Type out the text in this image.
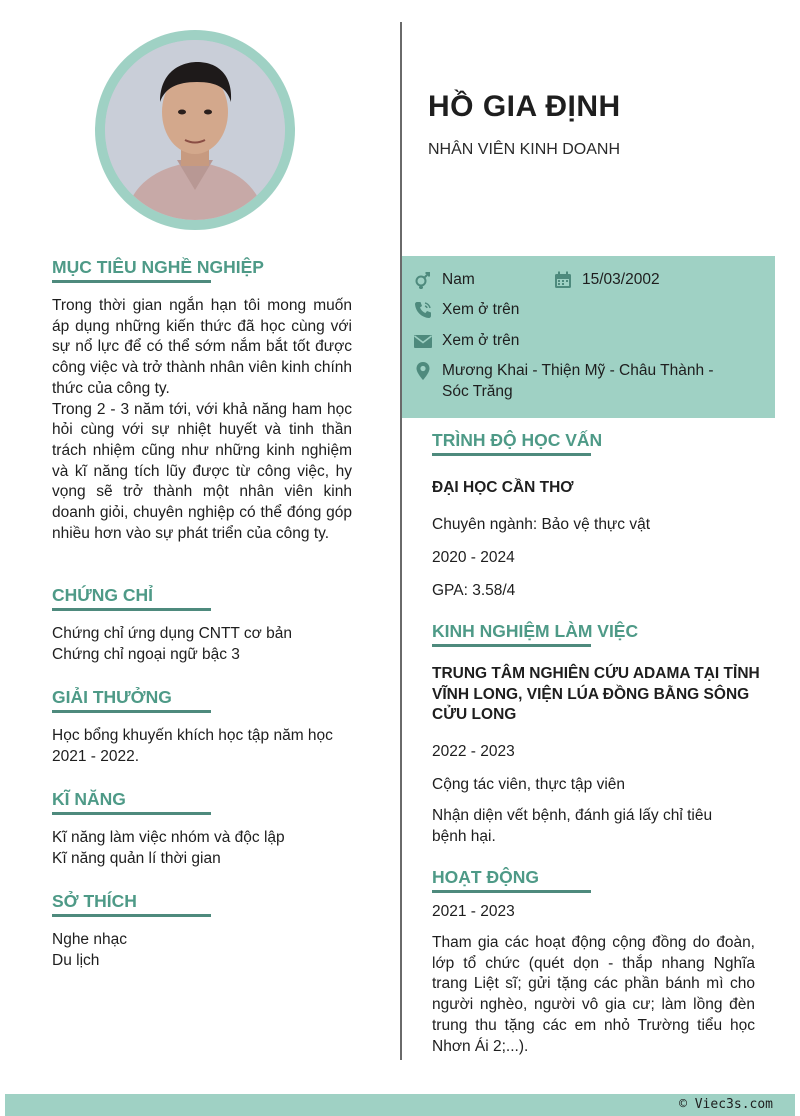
MỤC TIÊU NGHỀ NGHIỆP
Trong thời gian ngắn hạn tôi mong muốn áp dụng những kiến thức đã học cùng với sự nổ lực để có thể sớm nắm bắt tốt được công việc và trở thành nhân viên kinh chính thức của công ty.
Trong 2 - 3 năm tới, với khả năng ham học hỏi cùng với sự nhiệt huyết và tinh thần trách nhiệm cũng như những kinh nghiệm và kĩ năng tích lũy được từ công việc, hy vọng sẽ trở thành một nhân viên kinh doanh giỏi, chuyên nghiệp có thể đóng góp nhiều hơn vào sự phát triển của công ty.
CHỨNG CHỈ
Chứng chỉ ứng dụng CNTT cơ bản
Chứng chỉ ngoại ngữ bậc 3
GIẢI THƯỞNG
Học bổng khuyến khích học tập năm học
2021 - 2022.
KĨ NĂNG
Kĩ năng làm việc nhóm và độc lập
Kĩ năng quản lí thời gian
SỞ THÍCH
Nghe nhạc
Du lịch
HỒ GIA ĐỊNH
NHÂN VIÊN KINH DOANH
Nam	15/03/2002
Xem ở trên
Xem ở trên
Mương Khai - Thiện Mỹ - Châu Thành -
Sóc Trăng
TRÌNH ĐỘ HỌC VẤN
ĐẠI HỌC CẦN THƠ
Chuyên ngành: Bảo vệ thực vật
2020 - 2024
GPA: 3.58/4
KINH NGHIỆM LÀM VIỆC
TRUNG TÂM NGHIÊN CỨU ADAMA TẠI TỈNH
VĨNH LONG, VIỆN LÚA ĐỒNG BẰNG SÔNG
CỬU LONG
2022 - 2023
Cộng tác viên, thực tập viên
Nhận diện vết bệnh, đánh giá lấy chỉ tiêu
bệnh hại.
HOẠT ĐỘNG
2021 - 2023
Tham gia các hoạt động cộng đồng do đoàn, lớp tổ chức (quét dọn - thắp nhang Nghĩa trang Liệt sĩ; gửi tặng các phần bánh mì cho người nghèo, người vô gia cư; làm lồng đèn trung thu tặng các em nhỏ Trường tiểu học Nhơn Ái 2;...).
© Viec3s.com
